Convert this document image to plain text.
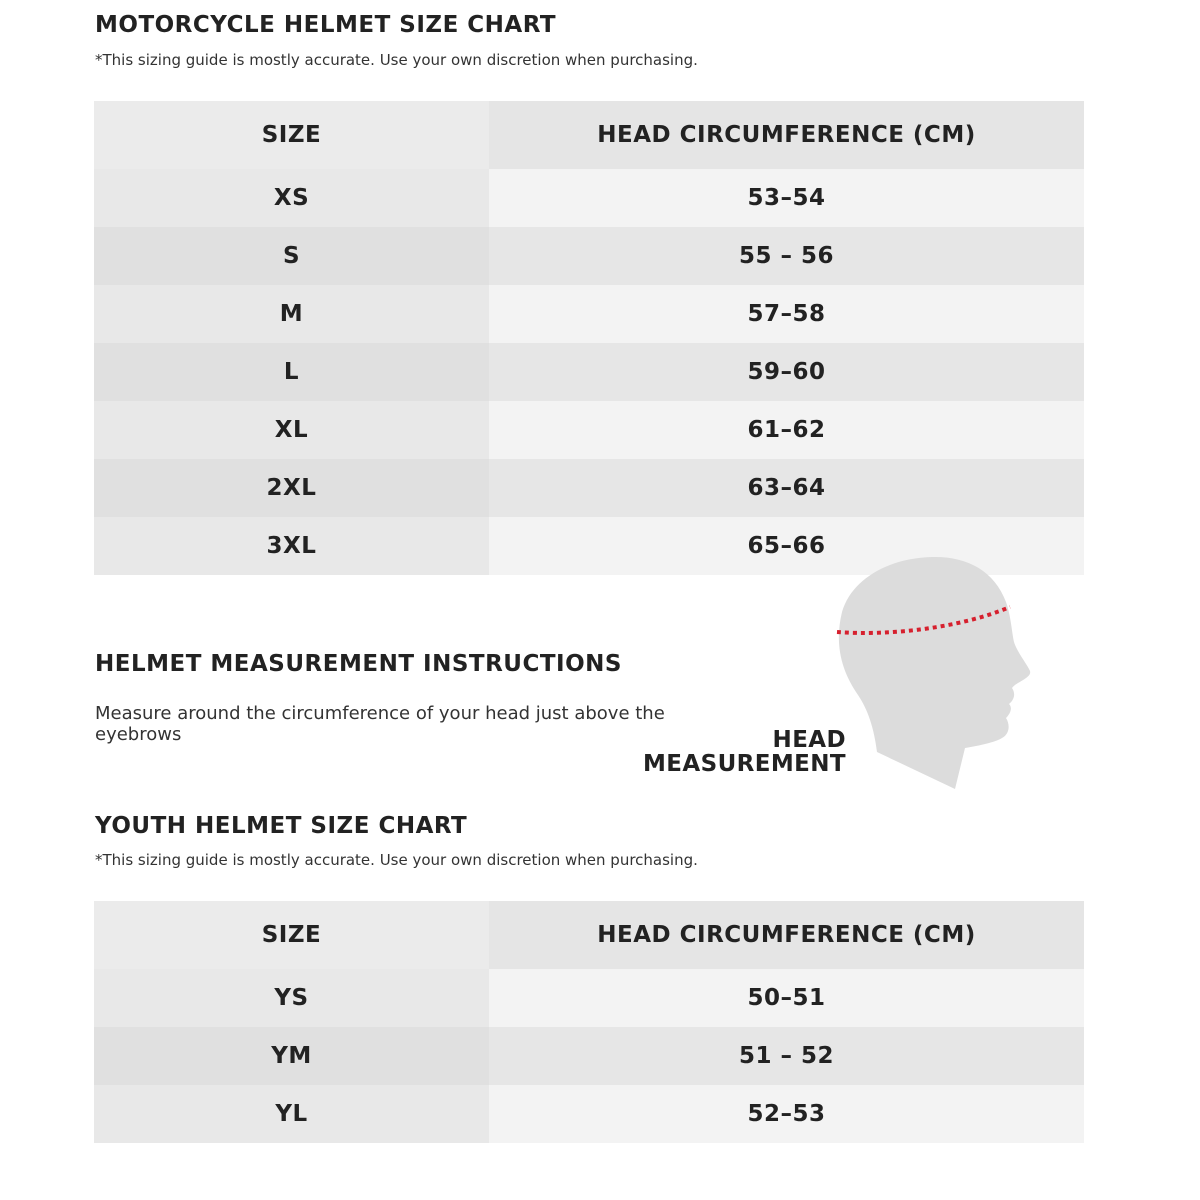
MOTORCYCLE HELMET SIZE CHART

*This sizing guide is mostly accurate. Use your own discretion when purchasing.

SIZE	HEAD CIRCUMFERENCE (CM)
XS	53–54
S	55 – 56
M	57–58
L	59–60
XL	61–62
2XL	63–64
3XL	65–66
HELMET MEASUREMENT INSTRUCTIONS

Measure around the circumference of your head just above the eyebrows	HEAD
MEASUREMENT

YOUTH HELMET SIZE CHART

*This sizing guide is mostly accurate. Use your own discretion when purchasing.

SIZE	HEAD CIRCUMFERENCE (CM)
YS	50–51
YM	51 – 52
YL	52–53
